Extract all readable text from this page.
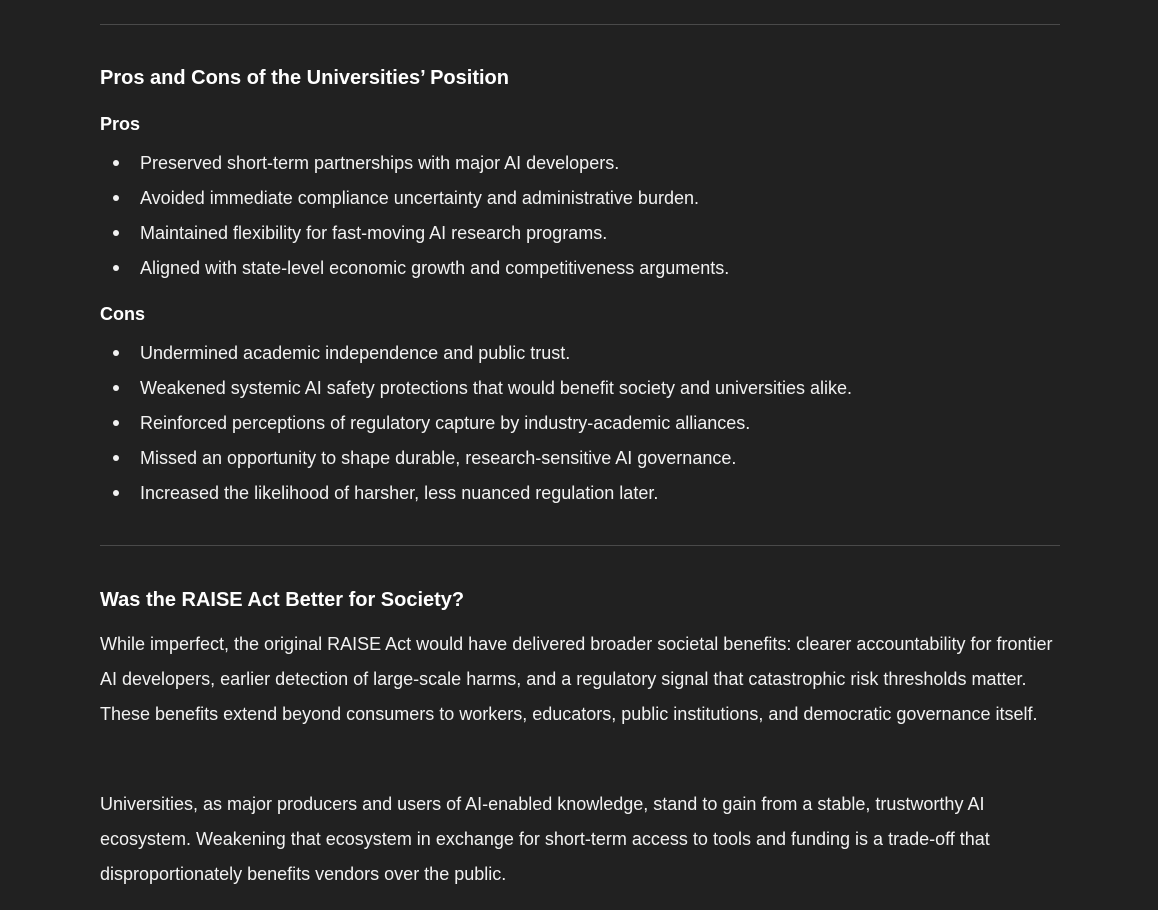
Pros and Cons of the Universities’ Position
Pros
Preserved short-term partnerships with major AI developers.
Avoided immediate compliance uncertainty and administrative burden.
Maintained flexibility for fast-moving AI research programs.
Aligned with state-level economic growth and competitiveness arguments.
Cons
Undermined academic independence and public trust.
Weakened systemic AI safety protections that would benefit society and universities alike.
Reinforced perceptions of regulatory capture by industry-academic alliances.
Missed an opportunity to shape durable, research-sensitive AI governance.
Increased the likelihood of harsher, less nuanced regulation later.
Was the RAISE Act Better for Society?

While imperfect, the original RAISE Act would have delivered broader societal benefits: clearer accountability for frontier AI developers, earlier detection of large-scale harms, and a regulatory signal that catastrophic risk thresholds matter. These benefits extend beyond consumers to workers, educators, public institutions, and democratic governance itself.

Universities, as major producers and users of AI-enabled knowledge, stand to gain from a stable, trustworthy AI ecosystem. Weakening that ecosystem in exchange for short-term access to tools and funding is a trade-off that disproportionately benefits vendors over the public.
